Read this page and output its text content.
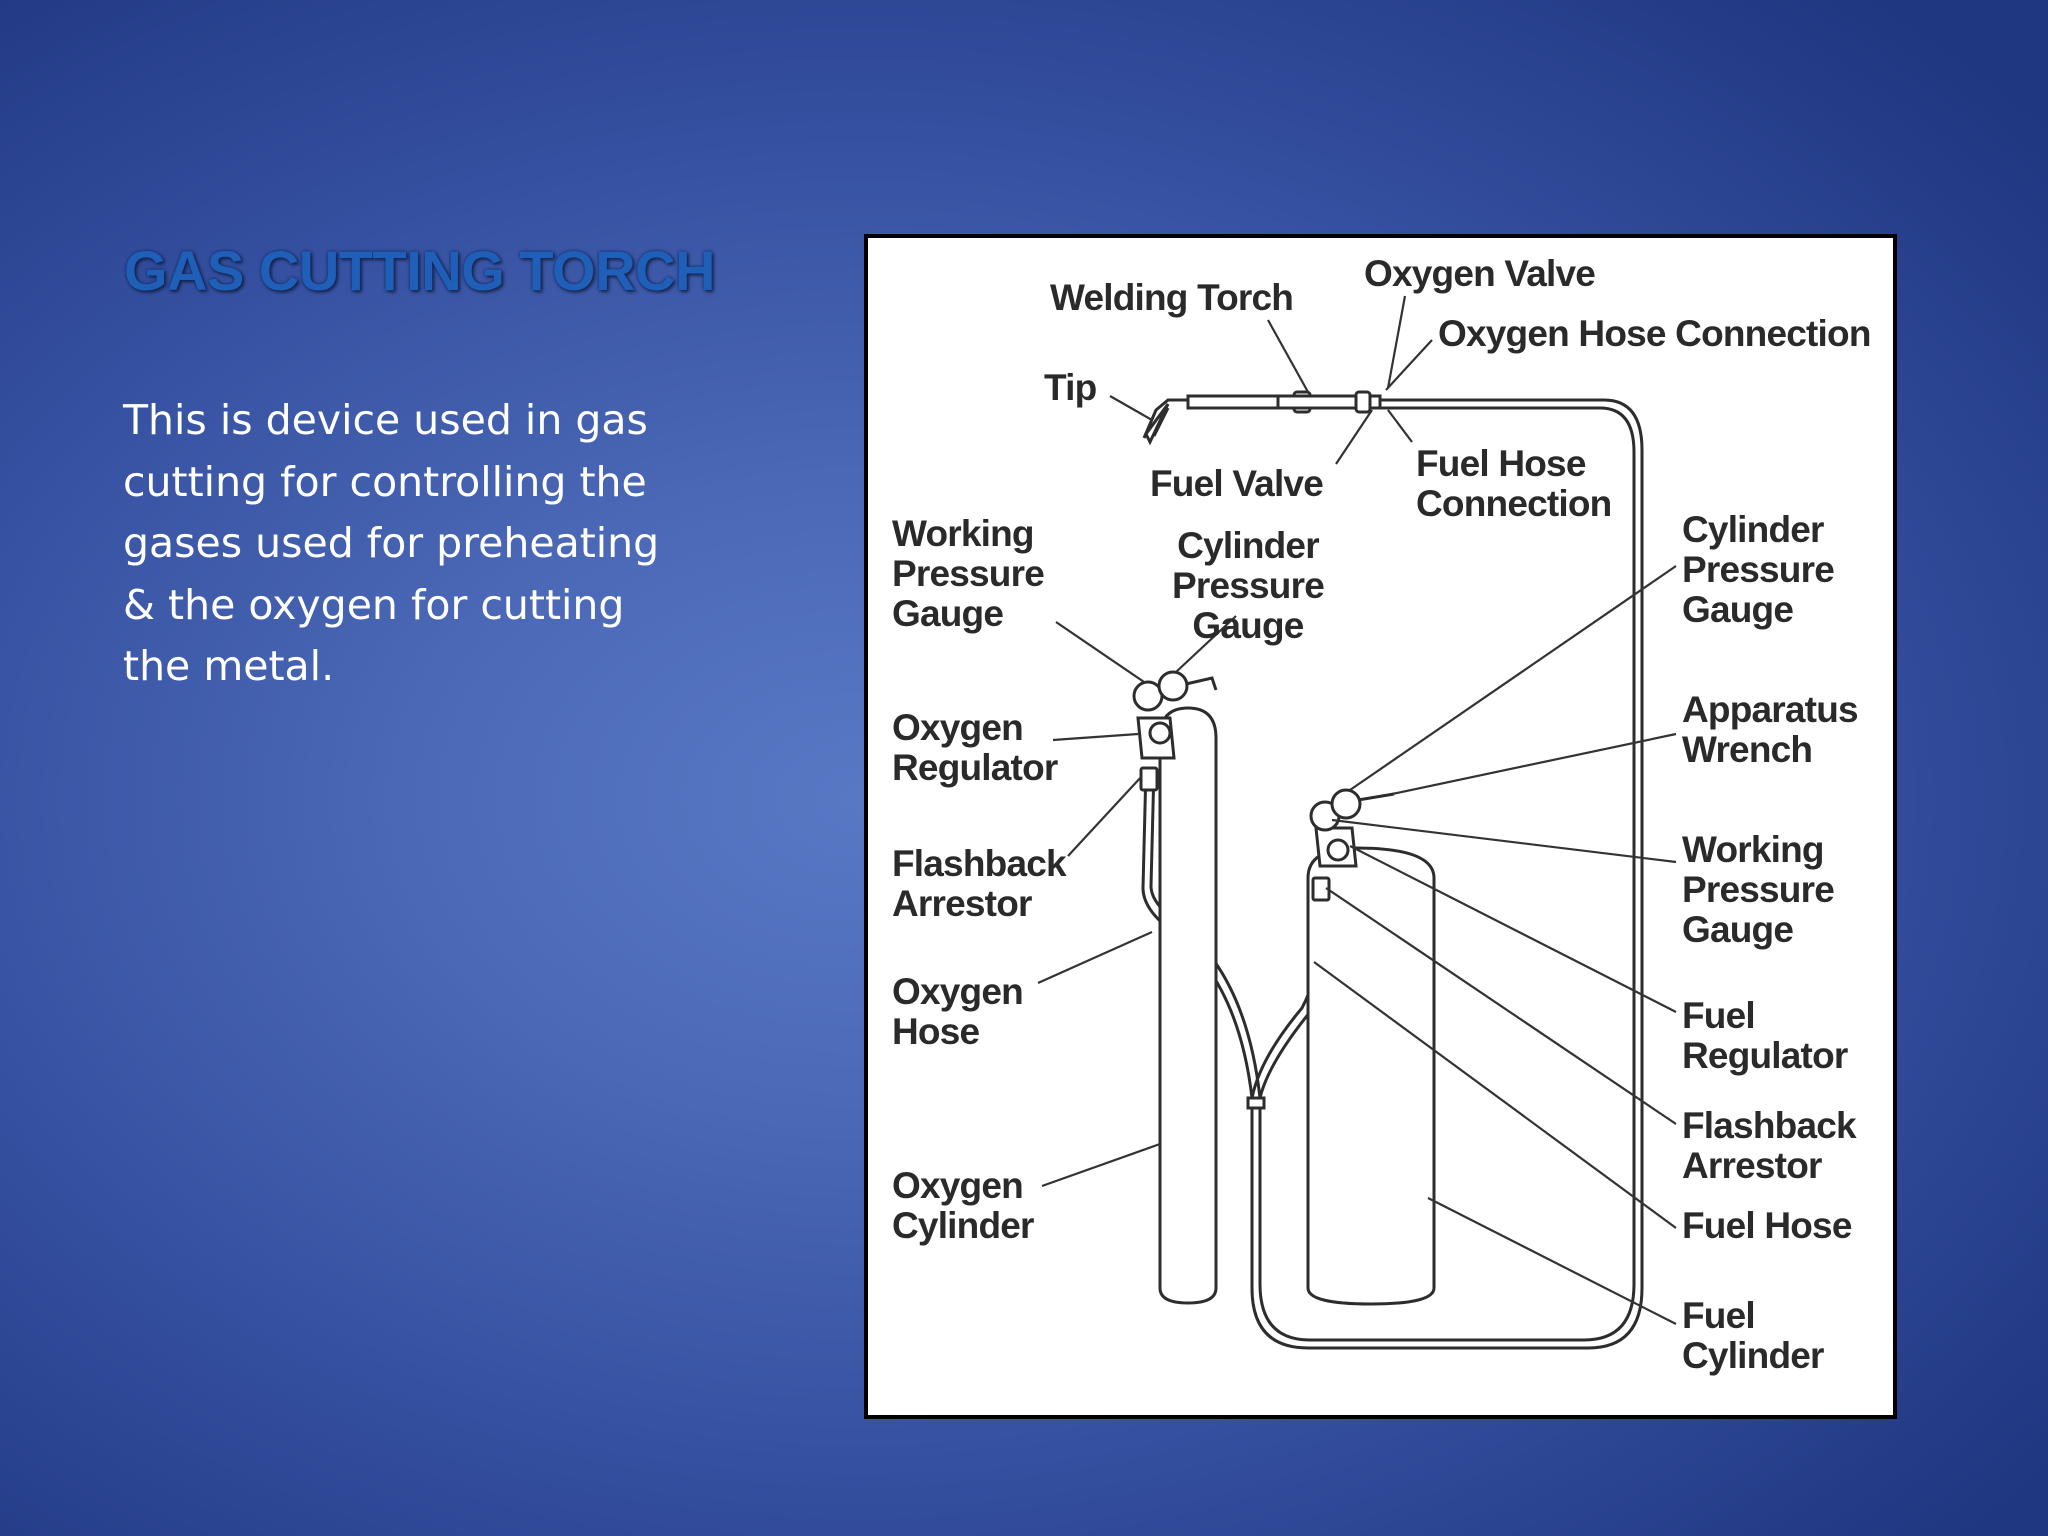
GAS CUTTING TORCH

This is device used in gas
cutting for controlling the
gases used for preheating
& the oxygen for cutting
the metal.

Welding Torch
Oxygen Valve
Oxygen Hose Connection
Tip
Fuel Valve	Fuel Hose Connection
Working Pressure Gauge
Cylinder Pressure Gauge
Oxygen Regulator
Flashback Arrestor
Oxygen Hose
Oxygen Cylinder
Cylinder Pressure Gauge
Apparatus Wrench
Working Pressure Gauge
Fuel Regulator
Flashback Arrestor
Fuel Hose
Fuel Cylinder
